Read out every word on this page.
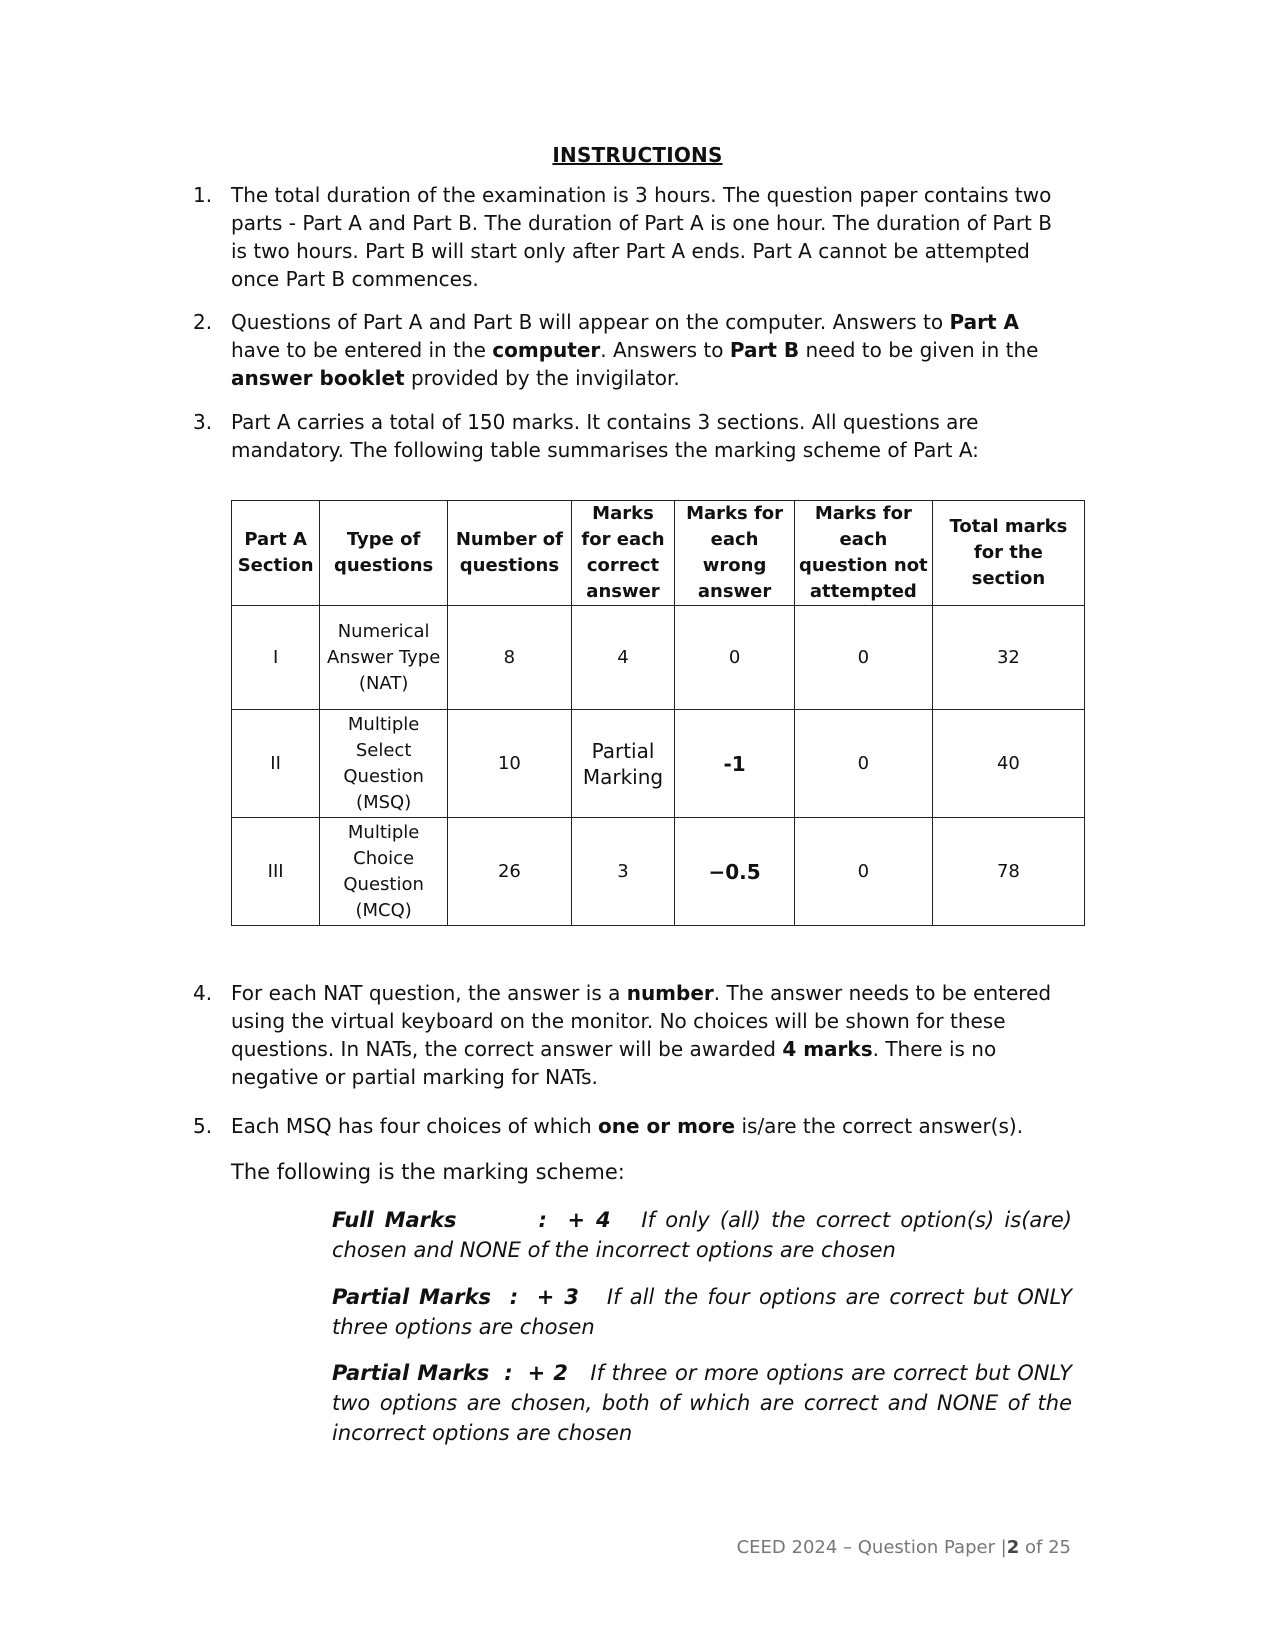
INSTRUCTIONS
1. The total duration of the examination is 3 hours. The question paper contains two parts - Part A and Part B. The duration of Part A is one hour. The duration of Part B is two hours. Part B will start only after Part A ends. Part A cannot be attempted once Part B commences.
2. Questions of Part A and Part B will appear on the computer. Answers to Part A have to be entered in the computer. Answers to Part B need to be given in the answer booklet provided by the invigilator.
3. Part A carries a total of 150 marks. It contains 3 sections. All questions are mandatory. The following table summarises the marking scheme of Part A:
Part A Section	Type of questions	Number of questions	Marks for each correct answer	Marks for each wrong answer	Marks for each question not attempted	Total marks for the section
I	Numerical Answer Type (NAT)	8	4	0	0	32
II	Multiple Select Question (MSQ)	10	Partial Marking	-1	0	40
III	Multiple Choice Question (MCQ)	26	3	−0.5	0	78
4. For each NAT question, the answer is a number. The answer needs to be entered using the virtual keyboard on the monitor. No choices will be shown for these questions. In NATs, the correct answer will be awarded 4 marks. There is no negative or partial marking for NATs.
5. Each MSQ has four choices of which one or more is/are the correct answer(s).
The following is the marking scheme:
Full Marks	: + 4 If only (all) the correct option(s) is(are) chosen and NONE of the incorrect options are chosen
Partial Marks : + 3 If all the four options are correct but ONLY three options are chosen
Partial Marks : + 2 If three or more options are correct but ONLY two options are chosen, both of which are correct and NONE of the incorrect options are chosen
CEED 2024 – Question Paper |2 of 25
